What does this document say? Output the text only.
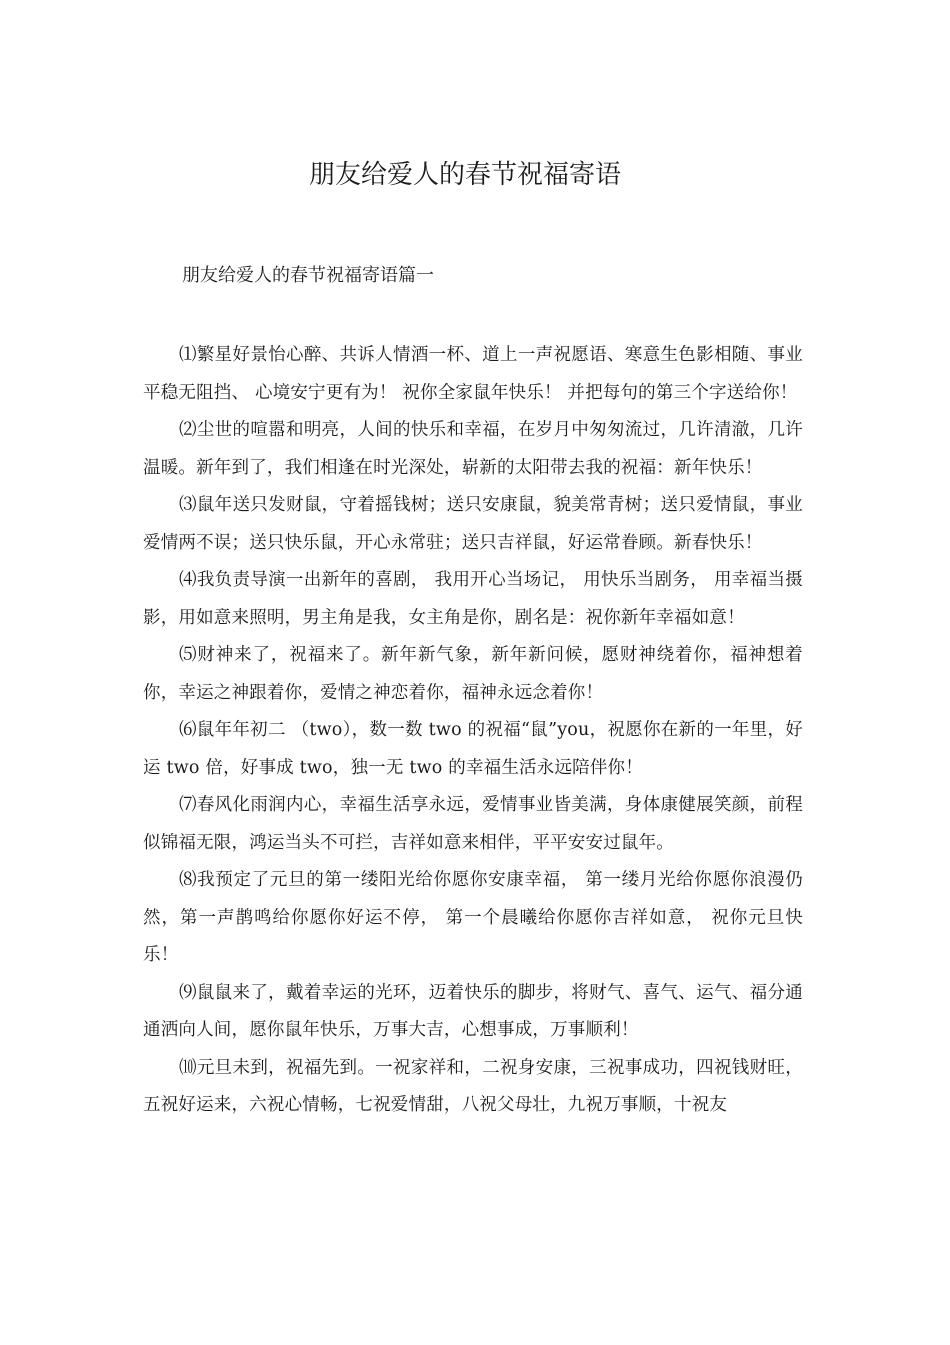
朋友给爱人的春节祝福寄语
朋友给爱人的春节祝福寄语篇一

⑴繁星好景怡心醉、共诉人情酒一杯、道上一声祝愿语、寒意生色影相随、事业平稳无阻挡、 心境安宁更有为！ 祝你全家鼠年快乐！ 并把每句的第三个字送给你！

⑵尘世的喧嚣和明亮，人间的快乐和幸福，在岁月中匆匆流过，几许清澈，几许温暖。新年到了，我们相逢在时光深处，崭新的太阳带去我的祝福：新年快乐！

⑶鼠年送只发财鼠，守着摇钱树；送只安康鼠，貌美常青树；送只爱情鼠，事业爱情两不误；送只快乐鼠，开心永常驻；送只吉祥鼠，好运常眷顾。新春快乐！

⑷我负责导演一出新年的喜剧， 我用开心当场记， 用快乐当剧务， 用幸福当摄影，用如意来照明，男主角是我，女主角是你，剧名是：祝你新年幸福如意！

⑸财神来了，祝福来了。新年新气象，新年新问候，愿财神绕着你，福神想着你，幸运之神跟着你，爱情之神恋着你，福神永远念着你！

⑹鼠年年初二 （two），数一数 two 的祝福“鼠”you，祝愿你在新的一年里，好运 two 倍，好事成 two，独一无 two 的幸福生活永远陪伴你！

⑺春风化雨润内心，幸福生活享永远，爱情事业皆美满，身体康健展笑颜，前程似锦福无限，鸿运当头不可拦，吉祥如意来相伴，平平安安过鼠年。

⑻我预定了元旦的第一缕阳光给你愿你安康幸福， 第一缕月光给你愿你浪漫仍然，第一声鹊鸣给你愿你好运不停， 第一个晨曦给你愿你吉祥如意， 祝你元旦快乐！

⑼鼠鼠来了，戴着幸运的光环，迈着快乐的脚步，将财气、喜气、运气、福分通通洒向人间，愿你鼠年快乐，万事大吉，心想事成，万事顺利！

⑽元旦未到，祝福先到。一祝家祥和，二祝身安康，三祝事成功，四祝钱财旺，五祝好运来，六祝心情畅，七祝爱情甜，八祝父母壮，九祝万事顺，十祝友
